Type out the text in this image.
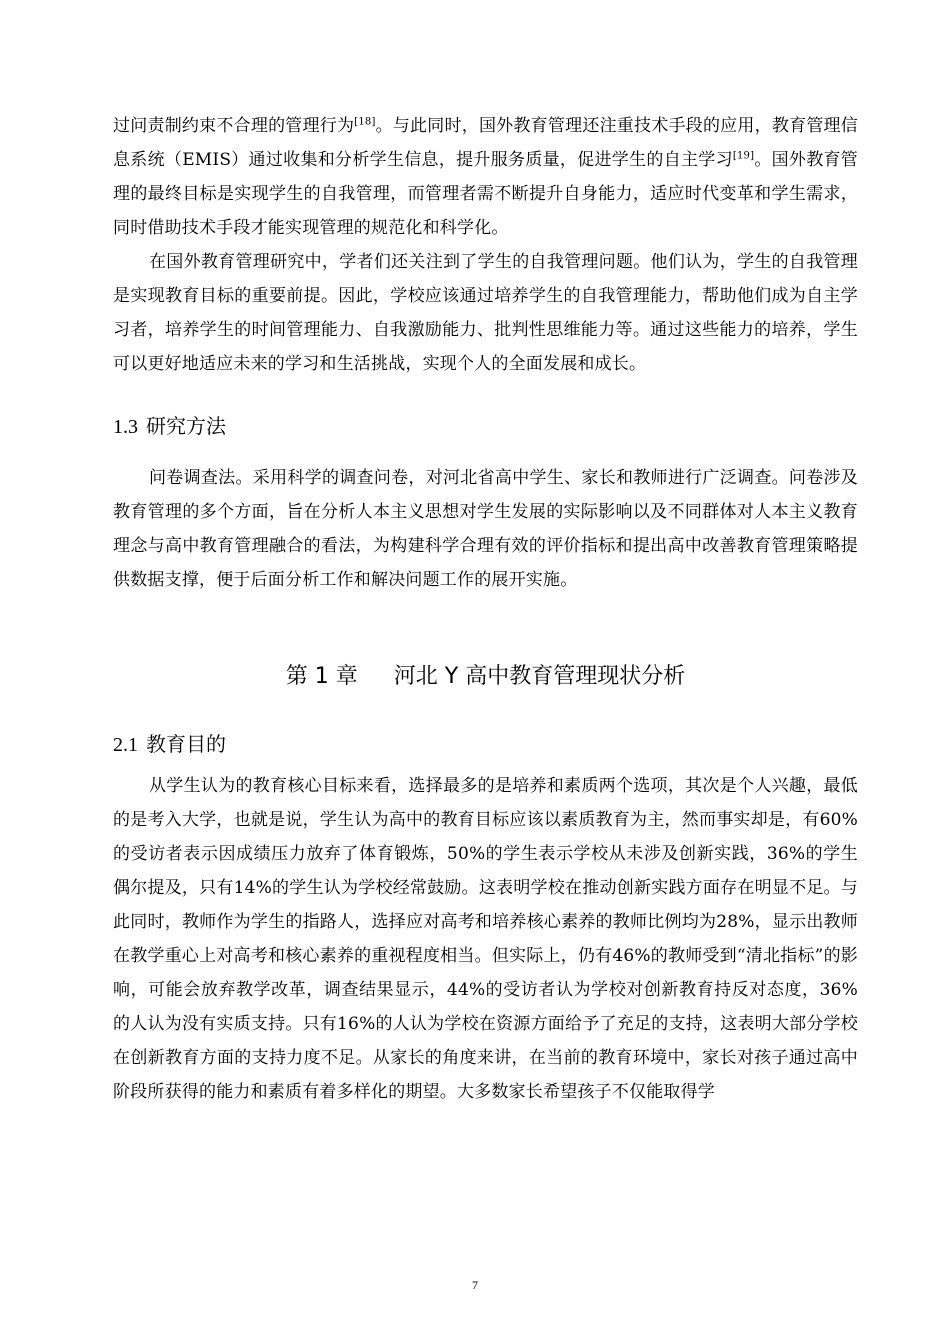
过问责制约束不合理的管理行为[18]。与此同时，国外教育管理还注重技术手段的应用，教育管理信息系统（EMIS）通过收集和分析学生信息，提升服务质量，促进学生的自主学习[19]。国外教育管理的最终目标是实现学生的自我管理，而管理者需不断提升自身能力，适应时代变革和学生需求，同时借助技术手段才能实现管理的规范化和科学化。

在国外教育管理研究中，学者们还关注到了学生的自我管理问题。他们认为，学生的自我管理是实现教育目标的重要前提。因此，学校应该通过培养学生的自我管理能力，帮助他们成为自主学习者，培养学生的时间管理能力、自我激励能力、批判性思维能力等。通过这些能力的培养，学生可以更好地适应未来的学习和生活挑战，实现个人的全面发展和成长。

1.3 研究方法

问卷调查法。采用科学的调查问卷，对河北省高中学生、家长和教师进行广泛调查。问卷涉及教育管理的多个方面，旨在分析人本主义思想对学生发展的实际影响以及不同群体对人本主义教育理念与高中教育管理融合的看法，为构建科学合理有效的评价指标和提出高中改善教育管理策略提供数据支撑，便于后面分析工作和解决问题工作的展开实施。

第 1 章 河北 Y 高中教育管理现状分析
2.1 教育目的

从学生认为的教育核心目标来看，选择最多的是培养和素质两个选项，其次是个人兴趣，最低的是考入大学，也就是说，学生认为高中的教育目标应该以素质教育为主，然而事实却是，有60%的受访者表示因成绩压力放弃了体育锻炼，50%的学生表示学校从未涉及创新实践，36%的学生偶尔提及，只有14%的学生认为学校经常鼓励。这表明学校在推动创新实践方面存在明显不足。与此同时，教师作为学生的指路人，选择应对高考和培养核心素养的教师比例均为28%，显示出教师在教学重心上对高考和核心素养的重视程度相当。但实际上，仍有46%的教师受到“清北指标”的影响，可能会放弃教学改革，调查结果显示，44%的受访者认为学校对创新教育持反对态度，36%的人认为没有实质支持。只有16%的人认为学校在资源方面给予了充足的支持，这表明大部分学校在创新教育方面的支持力度不足。从家长的角度来讲，在当前的教育环境中，家长对孩子通过高中阶段所获得的能力和素质有着多样化的期望。大多数家长希望孩子不仅能取得学

7
